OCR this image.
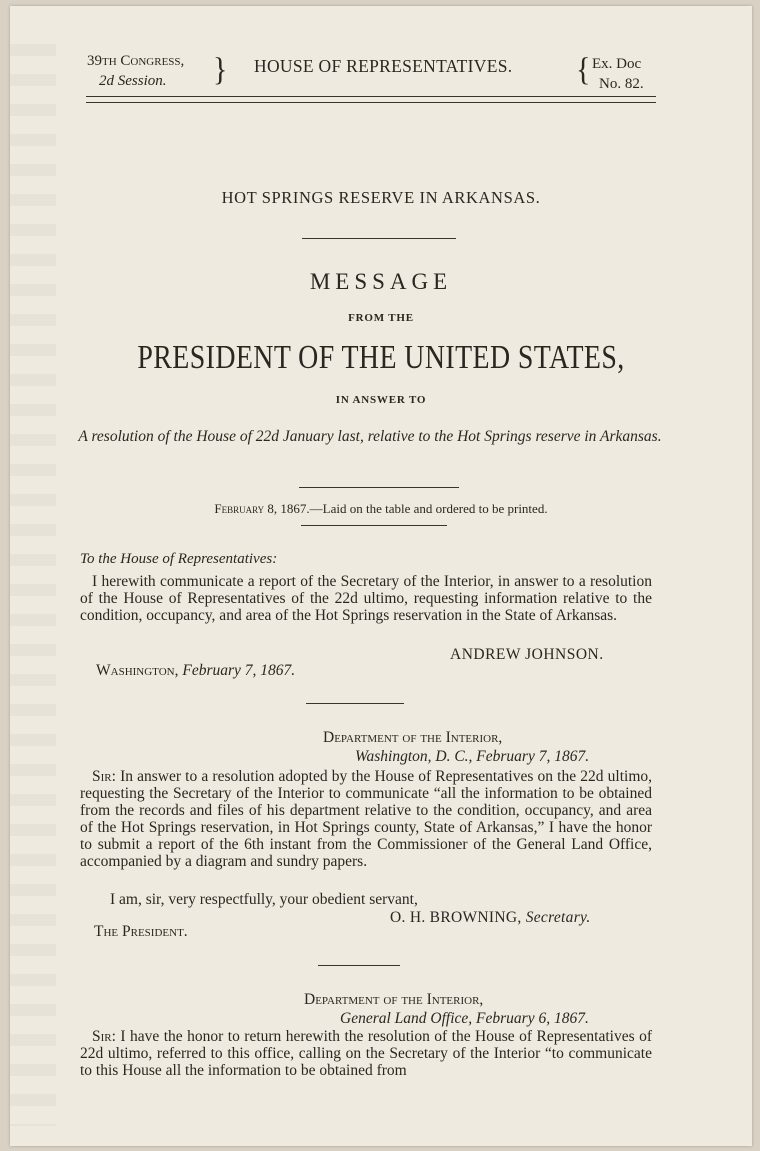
39th Congress,
2d Session. } HOUSE OF REPRESENTATIVES. { Ex. Doc
No. 82.
HOT SPRINGS RESERVE IN ARKANSAS.
MESSAGE
FROM THE
PRESIDENT OF THE UNITED STATES,
IN ANSWER TO
A resolution of the House of 22d January last, relative to the Hot Springs reserve in Arkansas.
February 8, 1867.—Laid on the table and ordered to be printed.
To the House of Representatives:
I herewith communicate a report of the Secretary of the Interior, in answer to a resolution of the House of Representatives of the 22d ultimo, requesting information relative to the condition, occupancy, and area of the Hot Springs reservation in the State of Arkansas.
ANDREW JOHNSON.
Washington, February 7, 1867.
Department of the Interior,
Washington, D. C., February 7, 1867.
Sir: In answer to a resolution adopted by the House of Representatives on the 22d ultimo, requesting the Secretary of the Interior to communicate “all the information to be obtained from the records and files of his department relative to the condition, occupancy, and area of the Hot Springs reservation, in Hot Springs county, State of Arkansas,” I have the honor to submit a report of the 6th instant from the Commissioner of the General Land Office, accompanied by a diagram and sundry papers.
I am, sir, very respectfully, your obedient servant,
O. H. BROWNING, Secretary.
The President.
Department of the Interior,
General Land Office, February 6, 1867.
Sir: I have the honor to return herewith the resolution of the House of Representatives of 22d ultimo, referred to this office, calling on the Secretary of the Interior “to communicate to this House all the information to be obtained from
